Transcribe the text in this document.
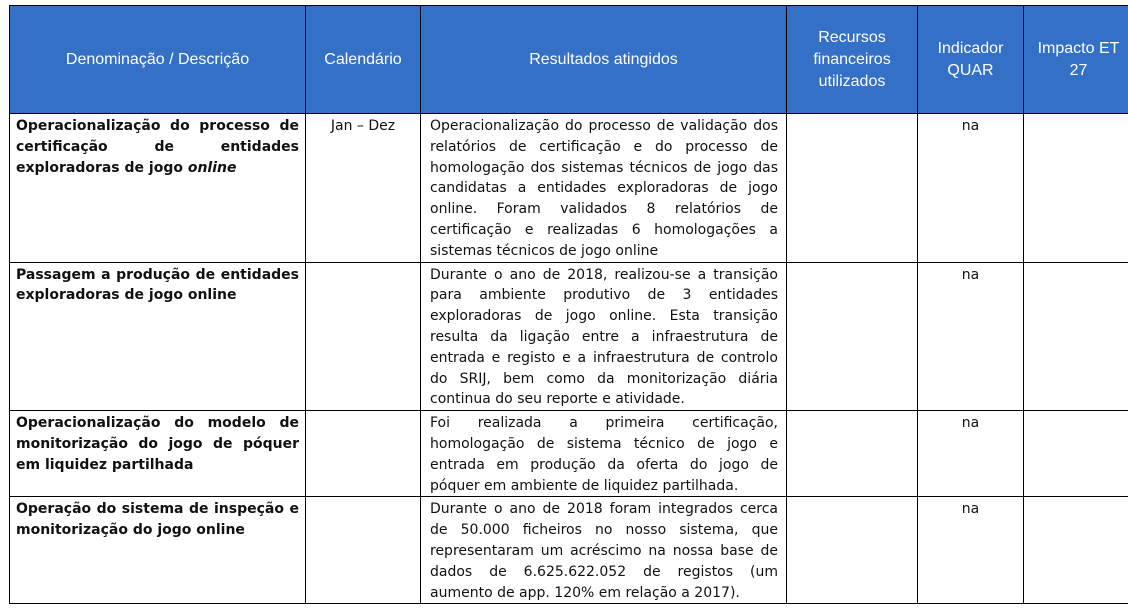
Denominação / Descrição	Calendário	Resultados atingidos	Recursos financeiros utilizados	Indicador QUAR	Impacto ET 27
Operacionalização do processo de certificação de entidades exploradoras de jogo online	Jan – Dez	Operacionalização do processo de validação dos relatórios de certificação e do processo de homologação dos sistemas técnicos de jogo das candidatas a entidades exploradoras de jogo online. Foram validados 8 relatórios de certificação e realizadas 6 homologações a sistemas técnicos de jogo online		na	
Passagem a produção de entidades exploradoras de jogo online		Durante o ano de 2018, realizou-se a transição para ambiente produtivo de 3 entidades exploradoras de jogo online. Esta transição resulta da ligação entre a infraestrutura de entrada e registo e a infraestrutura de controlo do SRIJ, bem como da monitorização diária continua do seu reporte e atividade.		na	
Operacionalização do modelo de monitorização do jogo de póquer em liquidez partilhada		Foi realizada a primeira certificação, homologação de sistema técnico de jogo e entrada em produção da oferta do jogo de póquer em ambiente de liquidez partilhada.		na	
Operação do sistema de inspeção e monitorização do jogo online		Durante o ano de 2018 foram integrados cerca de 50.000 ficheiros no nosso sistema, que representaram um acréscimo na nossa base de dados de 6.625.622.052 de registos (um aumento de app. 120% em relação a 2017).		na	
